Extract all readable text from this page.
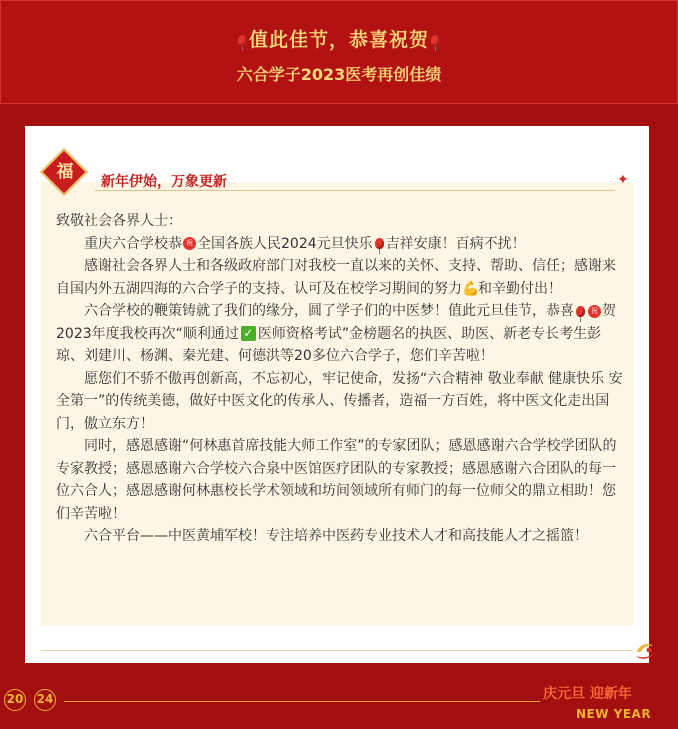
值此佳节，恭喜祝贺
六合学子2023医考再创佳绩
福	新年伊始，万象更新	✦

致敬社会各界人士：

重庆六合学校恭 祝 全国各族人民2024元旦快乐 吉祥安康！百病不扰！

感谢社会各界人士和各级政府部门对我校一直以来的关怀、支持、帮助、信任；感谢来自国内外五湖四海的六合学子的支持、认可及在校学习期间的努力💪和辛勤付出！

六合学校的鞭策铸就了我们的缘分，圆了学子们的中医梦！值此元旦佳节，恭喜 祝 贺2023年度我校再次“顺利通过 ✓ 医师资格考试”金榜题名的执医、助医、新老专长考生彭琼、刘建川、杨渊、秦光建、何德洪等20多位六合学子，您们辛苦啦！

愿您们不骄不傲再创新高，不忘初心，牢记使命，发扬“六合精神 敬业奉献 健康快乐 安全第一”的传统美德，做好中医文化的传承人、传播者，造福一方百姓，将中医文化走出国门，傲立东方！

同时，感恩感谢“何林惠首席技能大师工作室”的专家团队；感恩感谢六合学校学团队的专家教授；感恩感谢六合学校六合泉中医馆医疗团队的专家教授；感恩感谢六合团队的每一位六合人；感恩感谢何林惠校长学术领域和坊间领域所有师门的每一位师父的鼎立相助！您们辛苦啦！

六合平台——中医黄埔军校！专注培养中医药专业技术人才和高技能人才之摇篮！

20 24	庆元旦 迎新年
NEW YEAR
